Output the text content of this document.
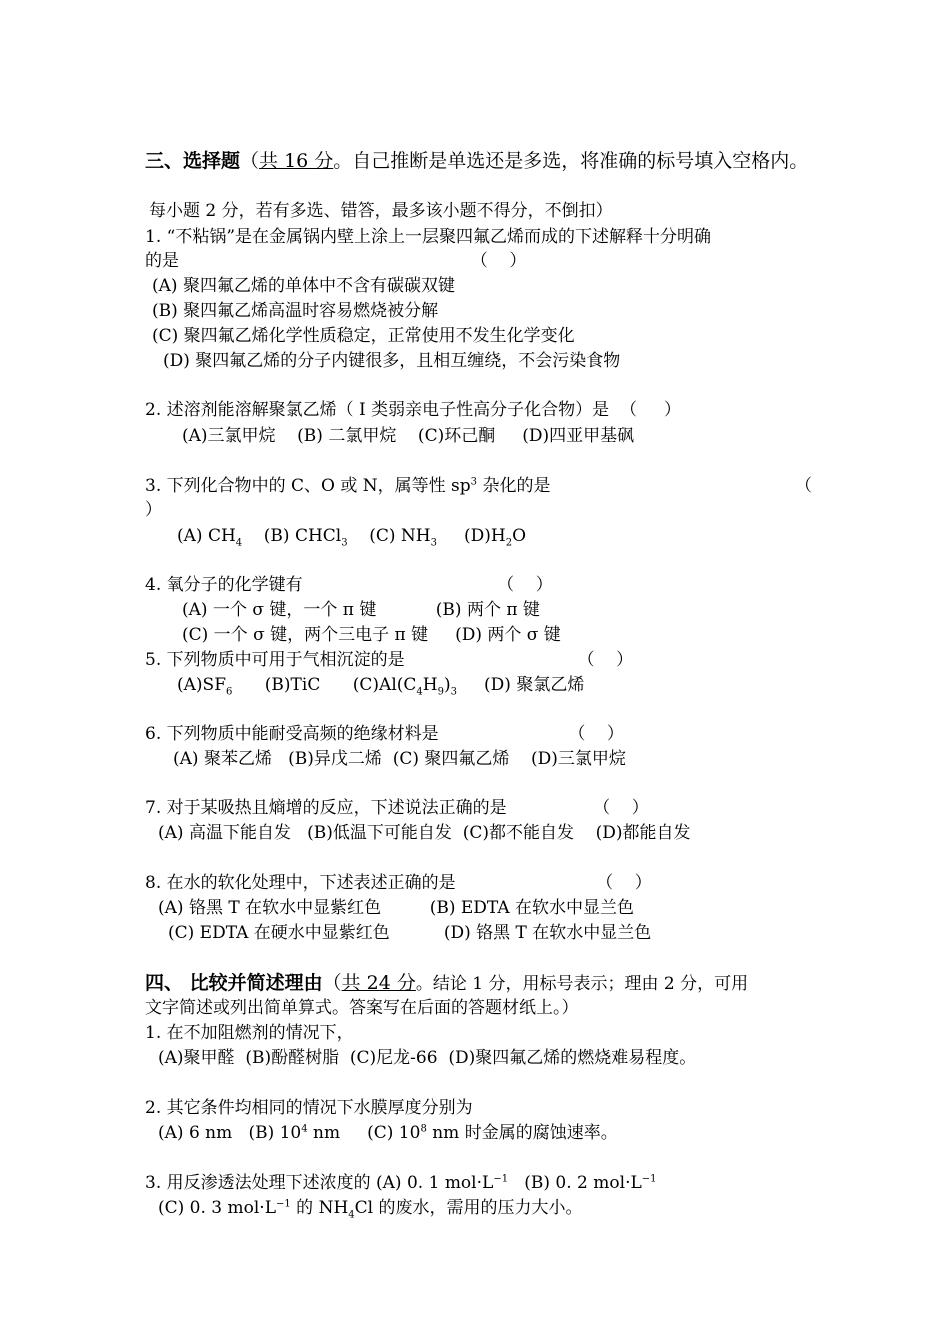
三、选择题（共 16 分。自己推断是单选还是多选，将准确的标号填入空格内。
每小题 2 分，若有多选、错答，最多该小题不得分，不倒扣）
1. “不粘锅”是在金属锅内壁上涂上一层聚四氟乙烯而成的下述解释十分明确
的是                                                      （    ）
(A) 聚四氟乙烯的单体中不含有碳碳双键
(B) 聚四氟乙烯高温时容易燃烧被分解
(C) 聚四氟乙烯化学性质稳定，正常使用不发生化学变化
(D) 聚四氟乙烯的分子内键很多，且相互缠绕，不会污染食物
2. 述溶剂能溶解聚氯乙烯（ I 类弱亲电子性高分子化合物）是  （     ）
(A)三氯甲烷    (B) 二氯甲烷    (C)环己酮     (D)四亚甲基砜
3. 下列化合物中的 C、O 或 N，属等性 $sp^3$ 杂化的是	（
）
(A) $CH_4$ (B) CHCl$_3$ (C) $NH_3$ $(D)H_2O$
4. 氧分子的化学键有                                    （    ）
(A) 一个 σ 键，一个 π 键           (B) 两个 π 键
(C) 一个 σ 键，两个三电子 π 键     (D) 两个 σ 键
5. 下列物质中可用于气相沉淀的是                                （    ）
$(A)SF_6$ (B)TiC $(C)Al(C_4H_9)_3$ (D) 聚氯乙烯
6. 下列物质中能耐受高频的绝缘材料是                        （    ）
(A) 聚苯乙烯   (B)异戊二烯  (C) 聚四氟乙烯    (D)三氯甲烷
7. 对于某吸热且熵增的反应，下述说法正确的是                （    ）
(A) 高温下能自发   (B)低温下可能自发  (C)都不能自发    (D)都能自发
8. 在水的软化处理中，下述表述正确的是                          （    ）
(A) 铬黑 T 在软水中显紫红色         (B) EDTA 在软水中显兰色
(C) EDTA 在硬水中显紫红色          (D) 铬黑 T 在软水中显兰色
四、 比较并简述理由（共 24 分。结论 1 分，用标号表示；理由 2 分，可用
文字简述或列出简单算式。答案写在后面的答题材纸上。）
1. 在不加阻燃剂的情况下，
(A)聚甲醛  (B)酚醛树脂  (C)尼龙-66  (D)聚四氟乙烯的燃烧难易程度。
2. 其它条件均相同的情况下水膜厚度分别为
(A) 6 nm   (B) $10^4$ nm     (C) $10^8$ nm 时金属的腐蚀速率。
3. 用反渗透法处理下述浓度的 (A) 0. 1 $mol\cdot L^{-1}$   (B) 0. 2 $mol\cdot L^{-1}$
(C) 0. 3 $mol\cdot L^{-1}$ 的 $NH_4Cl$ 的废水，需用的压力大小。
